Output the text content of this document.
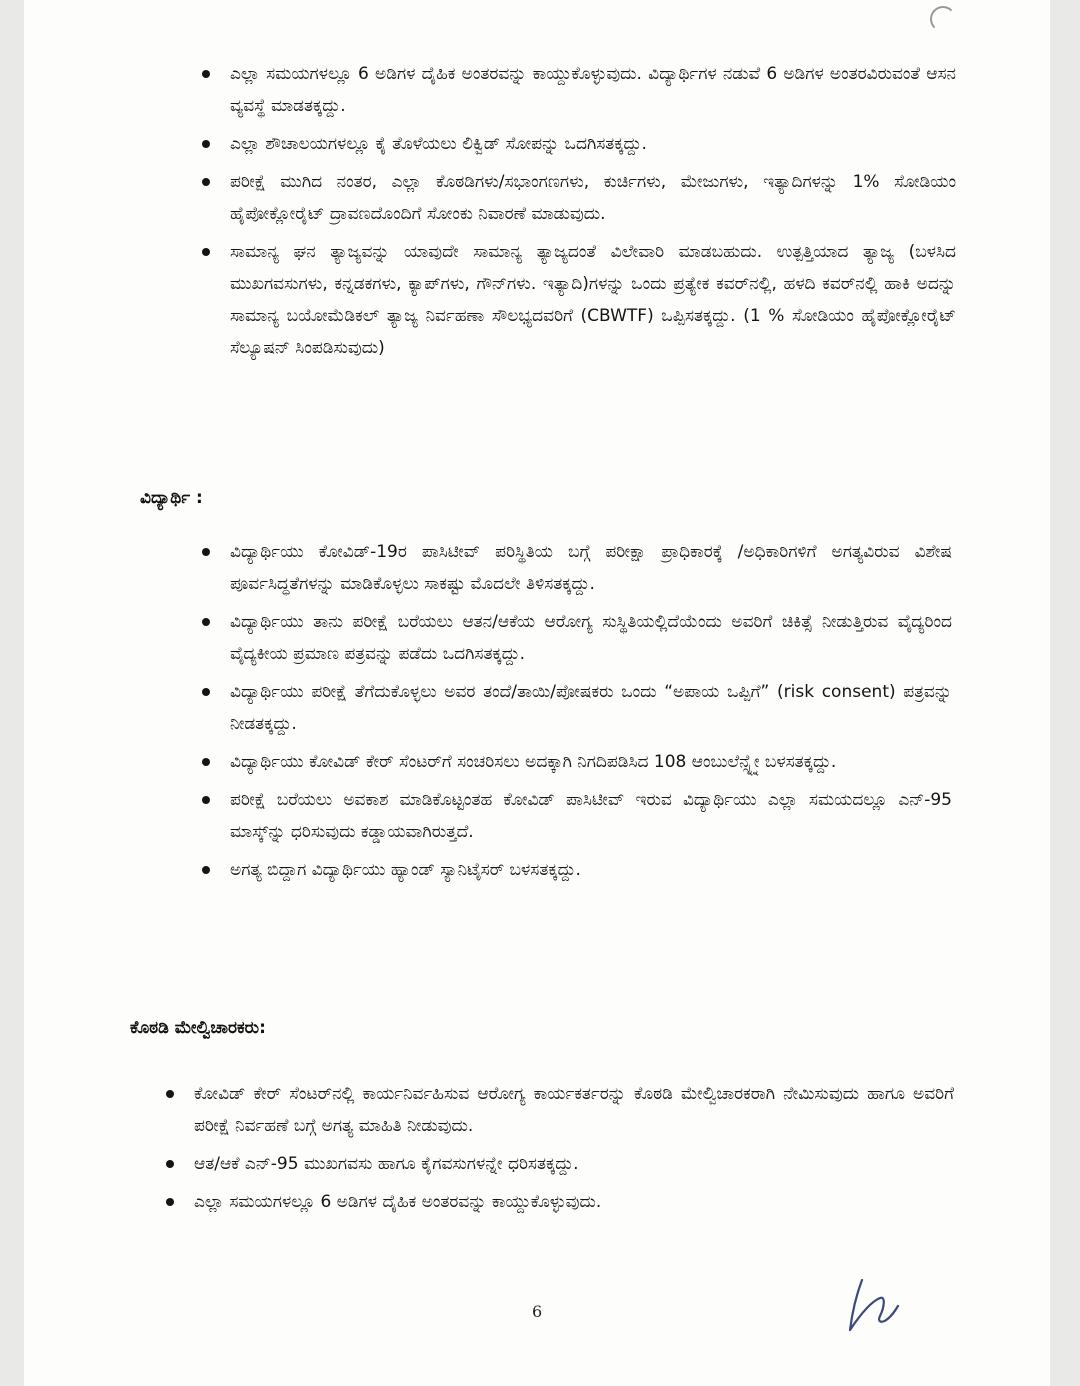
ಎಲ್ಲಾ ಸಮಯಗಳಲ್ಲೂ 6 ಅಡಿಗಳ ದೈಹಿಕ ಅಂತರವನ್ನು ಕಾಯ್ದುಕೊಳ್ಳುವುದು. ವಿದ್ಯಾರ್ಥಿಗಳ ನಡುವೆ 6 ಅಡಿಗಳ ಅಂತರವಿರುವಂತೆ ಆಸನ ವ್ಯವಸ್ಥೆ ಮಾಡತಕ್ಕದ್ದು.
ಎಲ್ಲಾ ಶೌಚಾಲಯಗಳಲ್ಲೂ ಕೈ ತೊಳೆಯಲು ಲಿಕ್ವಿಡ್ ಸೋಪನ್ನು ಒದಗಿಸತಕ್ಕದ್ದು.
ಪರೀಕ್ಷೆ ಮುಗಿದ ನಂತರ, ಎಲ್ಲಾ ಕೊಠಡಿಗಳು/ಸಭಾಂಗಣಗಳು, ಕುರ್ಚಿಗಳು, ಮೇಜುಗಳು, ಇತ್ಯಾದಿಗಳನ್ನು 1% ಸೋಡಿಯಂ ಹೈಪೋಕ್ಲೋರೈಟ್ ದ್ರಾವಣದೊಂದಿಗೆ ಸೋಂಕು ನಿವಾರಣೆ ಮಾಡುವುದು.
ಸಾಮಾನ್ಯ ಘನ ತ್ಯಾಜ್ಯವನ್ನು ಯಾವುದೇ ಸಾಮಾನ್ಯ ತ್ಯಾಜ್ಯದಂತೆ ವಿಲೇವಾರಿ ಮಾಡಬಹುದು. ಉತ್ಪತ್ತಿಯಾದ ತ್ಯಾಜ್ಯ (ಬಳಸಿದ ಮುಖಗವಸುಗಳು, ಕನ್ನಡಕಗಳು, ಕ್ಯಾಪ್‌ಗಳು, ಗೌನ್‌ಗಳು. ಇತ್ಯಾದಿ)ಗಳನ್ನು ಒಂದು ಪ್ರತ್ಯೇಕ ಕವರ್‌ನಲ್ಲಿ, ಹಳದಿ ಕವರ್‌ನಲ್ಲಿ ಹಾಕಿ ಅದನ್ನು ಸಾಮಾನ್ಯ ಬಯೋಮೆಡಿಕಲ್ ತ್ಯಾಜ್ಯ ನಿರ್ವಹಣಾ ಸೌಲಭ್ಯದವರಿಗೆ (CBWTF) ಒಪ್ಪಿಸತಕ್ಕದ್ದು. (1 % ಸೋಡಿಯಂ ಹೈಪೋಕ್ಲೋರೈಟ್ ಸೆಲ್ಯೂಷನ್ ಸಿಂಪಡಿಸುವುದು)
ವಿದ್ಯಾರ್ಥಿ :
ವಿದ್ಯಾರ್ಥಿಯು ಕೋವಿಡ್-19ರ ಪಾಸಿಟೀವ್ ಪರಿಸ್ಥಿತಿಯ ಬಗ್ಗೆ ಪರೀಕ್ಷಾ ಪ್ರಾಧಿಕಾರಕ್ಕೆ /ಅಧಿಕಾರಿಗಳಿಗೆ ಅಗತ್ಯವಿರುವ ವಿಶೇಷ ಪೂರ್ವಸಿದ್ಧತೆಗಳನ್ನು ಮಾಡಿಕೊಳ್ಳಲು ಸಾಕಷ್ಟು ಮೊದಲೇ ತಿಳಿಸತಕ್ಕದ್ದು.
ವಿದ್ಯಾರ್ಥಿಯು ತಾನು ಪರೀಕ್ಷೆ ಬರೆಯಲು ಆತನ/ಆಕೆಯ ಆರೋಗ್ಯ ಸುಸ್ಥಿತಿಯಲ್ಲಿದೆಯೆಂದು ಅವರಿಗೆ ಚಿಕಿತ್ಸೆ ನೀಡುತ್ತಿರುವ ವೈದ್ಯರಿಂದ ವೈದ್ಯಕೀಯ ಪ್ರಮಾಣ ಪತ್ರವನ್ನು ಪಡೆದು ಒದಗಿಸತಕ್ಕದ್ದು.
ವಿದ್ಯಾರ್ಥಿಯು ಪರೀಕ್ಷೆ ತೆಗೆದುಕೊಳ್ಳಲು ಅವರ ತಂದೆ/ತಾಯಿ/ಪೋಷಕರು ಒಂದು “ಅಪಾಯ ಒಪ್ಪಿಗೆ” (risk consent) ಪತ್ರವನ್ನು ನೀಡತಕ್ಕದ್ದು.
ವಿದ್ಯಾರ್ಥಿಯು ಕೋವಿಡ್ ಕೇರ್ ಸೆಂಟರ್‌ಗೆ ಸಂಚರಿಸಲು ಅದಕ್ಕಾಗಿ ನಿಗದಿಪಡಿಸಿದ 108 ಆಂಬುಲೆನ್ಸ್ನ್ನೇ ಬಳಸತಕ್ಕದ್ದು.
ಪರೀಕ್ಷೆ ಬರೆಯಲು ಅವಕಾಶ ಮಾಡಿಕೊಟ್ಟಂತಹ ಕೋವಿಡ್ ಪಾಸಿಟೀವ್ ಇರುವ ವಿದ್ಯಾರ್ಥಿಯು ಎಲ್ಲಾ ಸಮಯದಲ್ಲೂ ಎನ್-95 ಮಾಸ್ಕ್‌ನ್ನು ಧರಿಸುವುದು ಕಡ್ಡಾಯವಾಗಿರುತ್ತದೆ.
ಅಗತ್ಯ ಬಿದ್ದಾಗ ವಿದ್ಯಾರ್ಥಿಯು ಹ್ಯಾಂಡ್ ಸ್ಯಾನಿಟೈಸರ್ ಬಳಸತಕ್ಕದ್ದು.
ಕೊಠಡಿ ಮೇಲ್ವಿಚಾರಕರು:
ಕೋವಿಡ್ ಕೇರ್ ಸೆಂಟರ್‌ನಲ್ಲಿ ಕಾರ್ಯನಿರ್ವಹಿಸುವ ಆರೋಗ್ಯ ಕಾರ್ಯಕರ್ತರನ್ನು ಕೊಠಡಿ ಮೇಲ್ವಿಚಾರಕರಾಗಿ ನೇಮಿಸುವುದು ಹಾಗೂ ಅವರಿಗೆ ಪರೀಕ್ಷೆ ನಿರ್ವಹಣೆ ಬಗ್ಗೆ ಅಗತ್ಯ ಮಾಹಿತಿ ನೀಡುವುದು.
ಆತ/ಆಕೆ ಎನ್-95 ಮುಖಗವಸು ಹಾಗೂ ಕೈಗವಸುಗಳನ್ನೇ ಧರಿಸತಕ್ಕದ್ದು.
ಎಲ್ಲಾ ಸಮಯಗಳಲ್ಲೂ 6 ಅಡಿಗಳ ದೈಹಿಕ ಅಂತರವನ್ನು ಕಾಯ್ದುಕೊಳ್ಳುವುದು.
6
